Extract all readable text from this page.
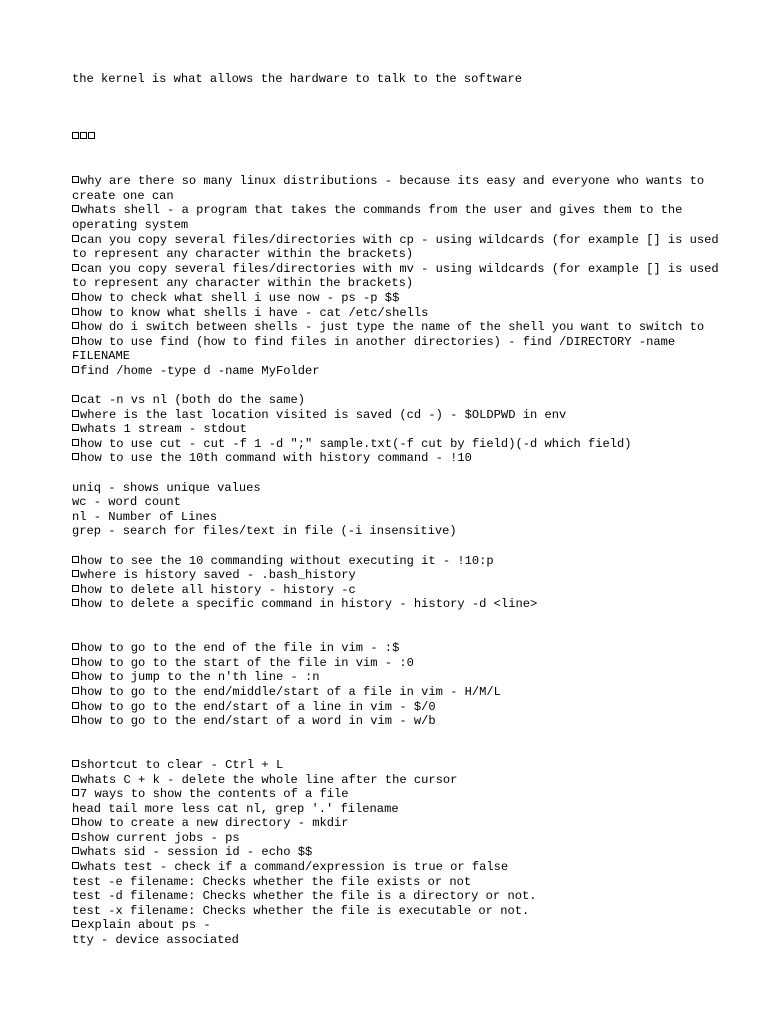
the kernel is what allows the hardware to talk to the software
why are there so many linux distributions - because its easy and everyone who wants to create one can
whats shell - a program that takes the commands from the user and gives them to the operating system
can you copy several files/directories with cp - using wildcards (for example [] is used to represent any character within the brackets)
can you copy several files/directories with mv - using wildcards (for example [] is used to represent any character within the brackets)
how to check what shell i use now - ps -p $$
how to know what shells i have - cat /etc/shells
how do i switch between shells - just type the name of the shell you want to switch to
how to use find (how to find files in another directories) - find /DIRECTORY -name FILENAME
find /home -type d -name MyFolder
cat -n vs nl (both do the same)
where is the last location visited is saved (cd -) - $OLDPWD in env
whats 1 stream - stdout
how to use cut - cut -f 1 -d ";" sample.txt(-f cut by field)(-d which field)
how to use the 10th command with history command - !10
uniq - shows unique values
wc - word count
nl - Number of Lines
grep - search for files/text in file (-i insensitive)
how to see the 10 commanding without executing it - !10:p
where is history saved - .bash_history
how to delete all history - history -c
how to delete a specific command in history - history -d <line>
how to go to the end of the file in vim - :$
how to go to the start of the file in vim - :0
how to jump to the n'th line - :n
how to go to the end/middle/start of a file in vim - H/M/L
how to go to the end/start of a line in vim - $/0
how to go to the end/start of a word in vim - w/b
shortcut to clear - Ctrl + L
whats C + k - delete the whole line after the cursor
7 ways to show the contents of a file
head tail more less cat nl, grep '.' filename
how to create a new directory - mkdir
show current jobs - ps
whats sid - session id - echo $$
whats test - check if a command/expression is true or false
test -e filename: Checks whether the file exists or not
test -d filename: Checks whether the file is a directory or not.
test -x filename: Checks whether the file is executable or not.
explain about ps -
tty - device associated
